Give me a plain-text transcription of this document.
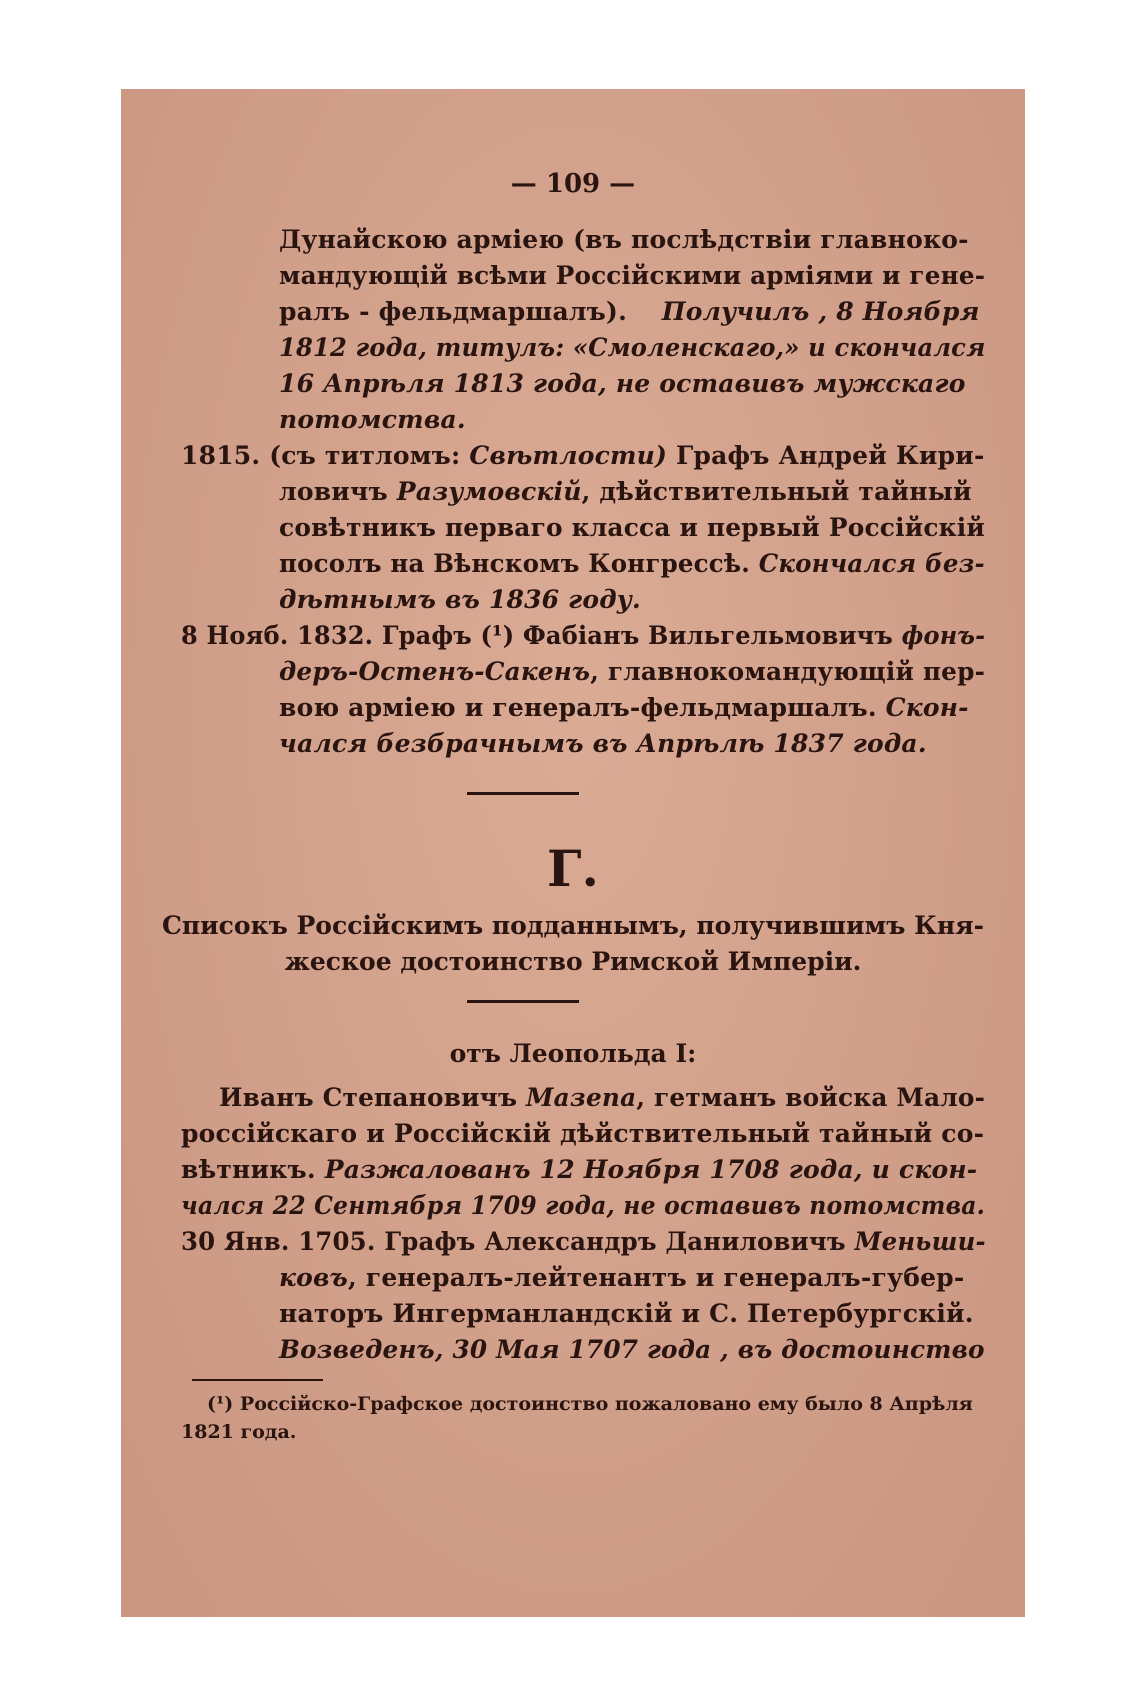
— 109 —
Дунайскою арміею (въ послѣдствіи главноко-
мандующій всѣми Россійскими арміями и гене-
ралъ - фельдмаршалъ). Получилъ , 8 Ноября
1812 года, титулъ: «Смоленскаго,» и скончался
16 Апрѣля 1813 года, не оставивъ мужскаго
потомства.
1815. (съ титломъ: Свѣтлости) Графъ Андрей Кири-
ловичъ Разумовскій, дѣйствительный тайный
совѣтникъ перваго класса и первый Россійскій
посолъ на Вѣнскомъ Конгрессѣ. Скончался без-
дѣтнымъ въ 1836 году.
8 Нояб. 1832. Графъ (¹) Фабіанъ Вильгельмовичъ фонъ-
деръ-Остенъ-Сакенъ, главнокомандующій пер-
вою арміею и генералъ-фельдмаршалъ. Скон-
чался безбрачнымъ въ Апрѣлѣ 1837 года.
Г.
Списокъ Россійскимъ подданнымъ, получившимъ Кня-
жеское достоинство Римской Имперіи.
отъ Леопольда I:
Иванъ Степановичъ Мазепа, гетманъ войска Мало-
россійскаго и Россійскій дѣйствительный тайный со-
вѣтникъ. Разжалованъ 12 Ноября 1708 года, и скон-
чался 22 Сентября 1709 года, не оставивъ потомства.
30 Янв. 1705. Графъ Александръ Даниловичъ Меньши-
ковъ, генералъ-лейтенантъ и генералъ-губер-
наторъ Ингерманландскій и С. Петербургскій.
Возведенъ, 30 Мая 1707 года , въ достоинство
(¹) Россійско-Графское достоинство пожаловано ему было 8 Апрѣля
1821 года.
